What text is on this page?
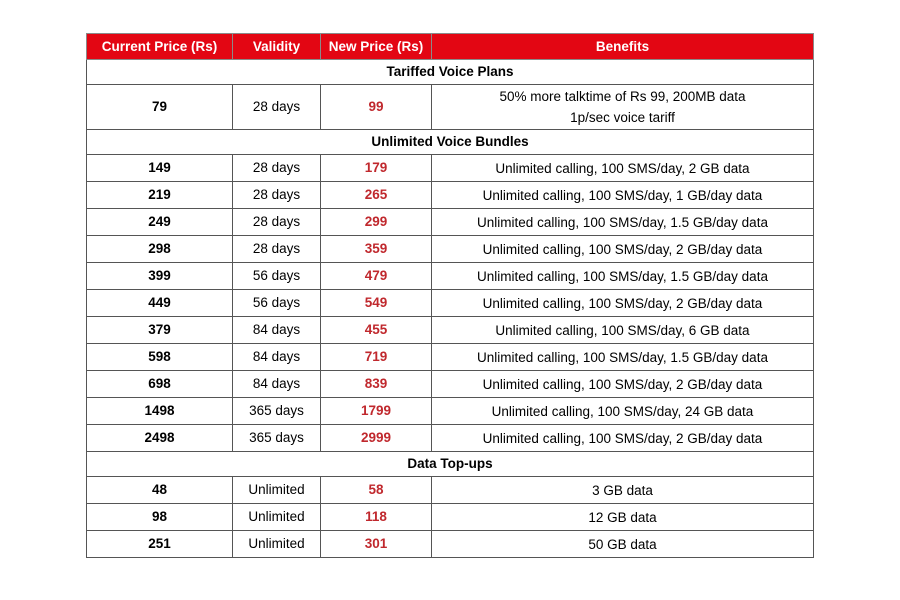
Current Price (Rs)	Validity	New Price (Rs)	Benefits
Tariffed Voice Plans			
79	28 days	99	50% more talktime of Rs 99, 200MB data
1p/sec voice tariff

Unlimited Voice Bundles			
149	28 days	179	Unlimited calling, 100 SMS/day, 2 GB data

219	28 days	265	Unlimited calling, 100 SMS/day, 1 GB/day data

249	28 days	299	Unlimited calling, 100 SMS/day, 1.5 GB/day data

298	28 days	359	Unlimited calling, 100 SMS/day, 2 GB/day data

399	56 days	479	Unlimited calling, 100 SMS/day, 1.5 GB/day data

449	56 days	549	Unlimited calling, 100 SMS/day, 2 GB/day data

379	84 days	455	Unlimited calling, 100 SMS/day, 6 GB data

598	84 days	719	Unlimited calling, 100 SMS/day, 1.5 GB/day data

698	84 days	839	Unlimited calling, 100 SMS/day, 2 GB/day data

1498	365 days	1799	Unlimited calling, 100 SMS/day, 24 GB data

2498	365 days	2999	Unlimited calling, 100 SMS/day, 2 GB/day data

Data Top-ups			
48	Unlimited	58	3 GB data

98	Unlimited	118	12 GB data

251	Unlimited	301	50 GB data
